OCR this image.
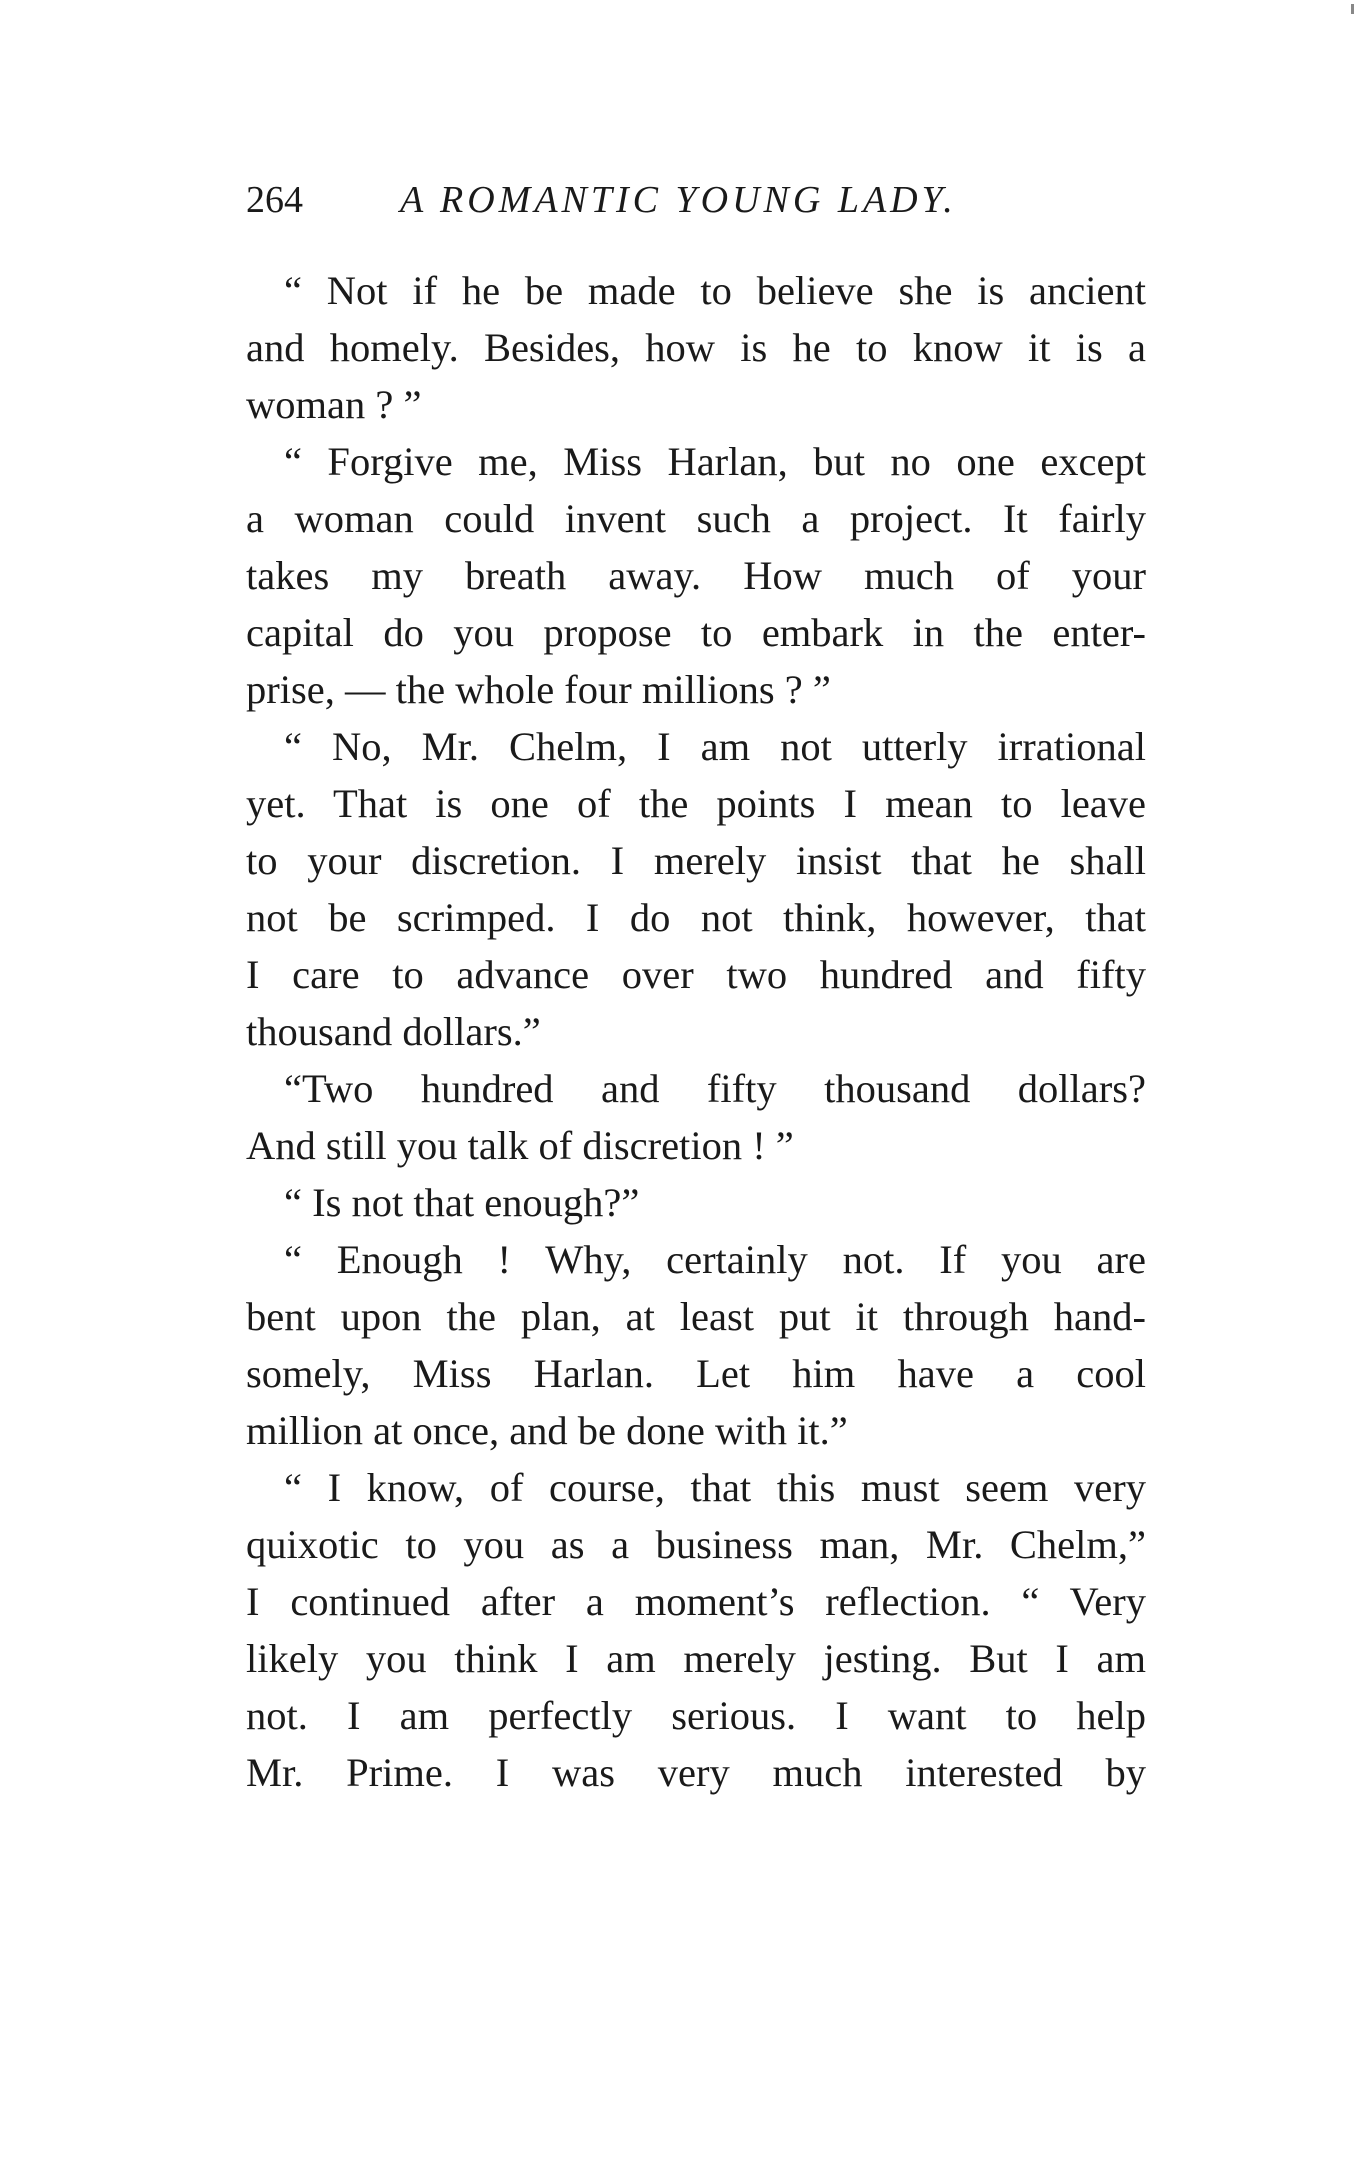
264	A ROMANTIC YOUNG LADY.
“ Not if he be made to believe she is ancient
and homely. Besides, how is he to know it is a
woman ? ”
“ Forgive me, Miss Harlan, but no one except
a woman could invent such a project. It fairly
takes my breath away. How much of your
capital do you propose to embark in the enter-
prise, — the whole four millions ? ”
“ No, Mr. Chelm, I am not utterly irrational
yet. That is one of the points I mean to leave
to your discretion. I merely insist that he shall
not be scrimped. I do not think, however, that
I care to advance over two hundred and fifty
thousand dollars.”
“Two hundred and fifty thousand dollars?
And still you talk of discretion ! ”
“ Is not that enough?”
“ Enough ! Why, certainly not. If you are
bent upon the plan, at least put it through hand-
somely, Miss Harlan. Let him have a cool
million at once, and be done with it.”
“ I know, of course, that this must seem very
quixotic to you as a business man, Mr. Chelm,”
I continued after a moment’s reflection. “ Very
likely you think I am merely jesting. But I am
not. I am perfectly serious. I want to help
Mr. Prime. I was very much interested by
